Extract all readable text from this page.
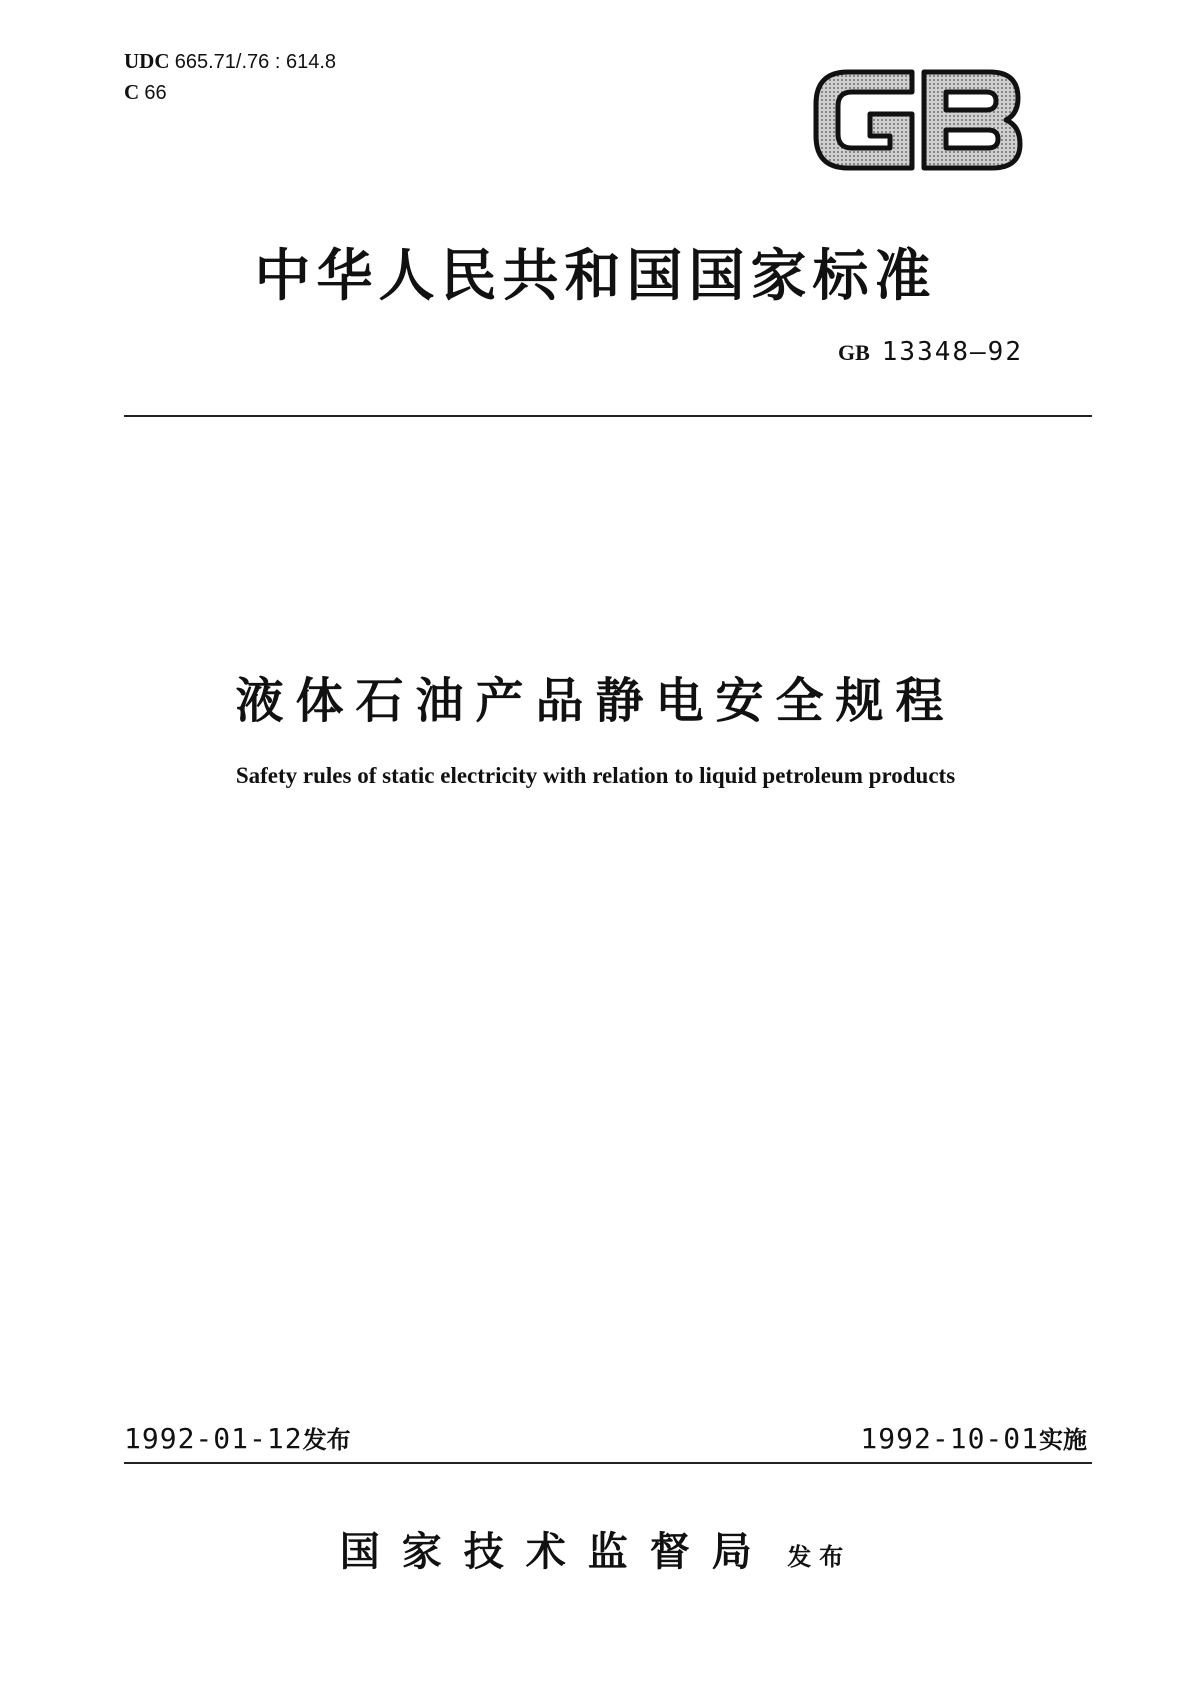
UDC 665.71/.76 : 614.8
C 66
中华人民共和国国家标准
GB 13348—92
液体石油产品静电安全规程
Safety rules of static electricity with relation to liquid petroleum products
1992-01-12发布	1992-10-01实施
国家技术监督局 发布
